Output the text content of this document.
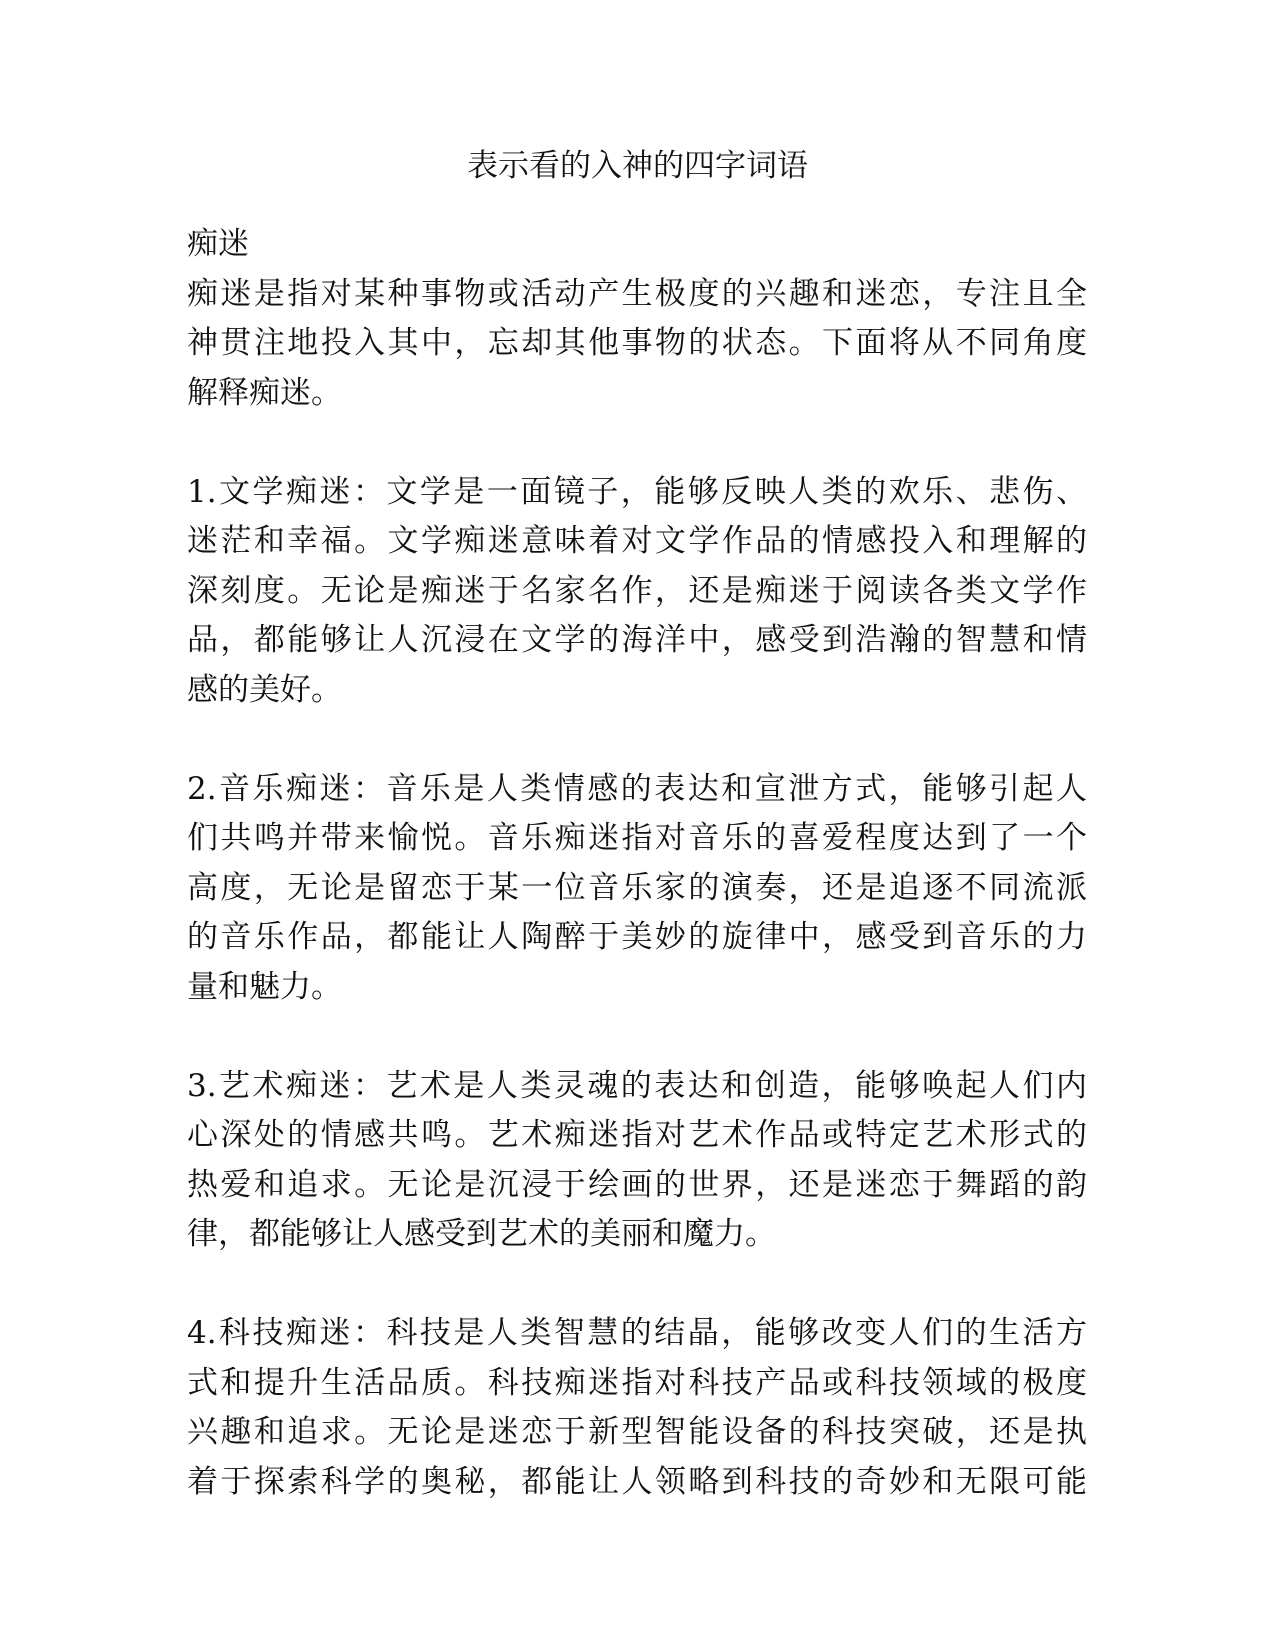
表示看的入神的四字词语
痴迷
痴迷是指对某种事物或活动产生极度的兴趣和迷恋，专注且全
神贯注地投入其中，忘却其他事物的状态。下面将从不同角度
解释痴迷。
1.文学痴迷：文学是一面镜子，能够反映人类的欢乐、悲伤、
迷茫和幸福。文学痴迷意味着对文学作品的情感投入和理解的
深刻度。无论是痴迷于名家名作，还是痴迷于阅读各类文学作
品，都能够让人沉浸在文学的海洋中，感受到浩瀚的智慧和情
感的美好。
2.音乐痴迷：音乐是人类情感的表达和宣泄方式，能够引起人
们共鸣并带来愉悦。音乐痴迷指对音乐的喜爱程度达到了一个
高度，无论是留恋于某一位音乐家的演奏，还是追逐不同流派
的音乐作品，都能让人陶醉于美妙的旋律中，感受到音乐的力
量和魅力。
3.艺术痴迷：艺术是人类灵魂的表达和创造，能够唤起人们内
心深处的情感共鸣。艺术痴迷指对艺术作品或特定艺术形式的
热爱和追求。无论是沉浸于绘画的世界，还是迷恋于舞蹈的韵
律，都能够让人感受到艺术的美丽和魔力。
4.科技痴迷：科技是人类智慧的结晶，能够改变人们的生活方
式和提升生活品质。科技痴迷指对科技产品或科技领域的极度
兴趣和追求。无论是迷恋于新型智能设备的科技突破，还是执
着于探索科学的奥秘，都能让人领略到科技的奇妙和无限可能
